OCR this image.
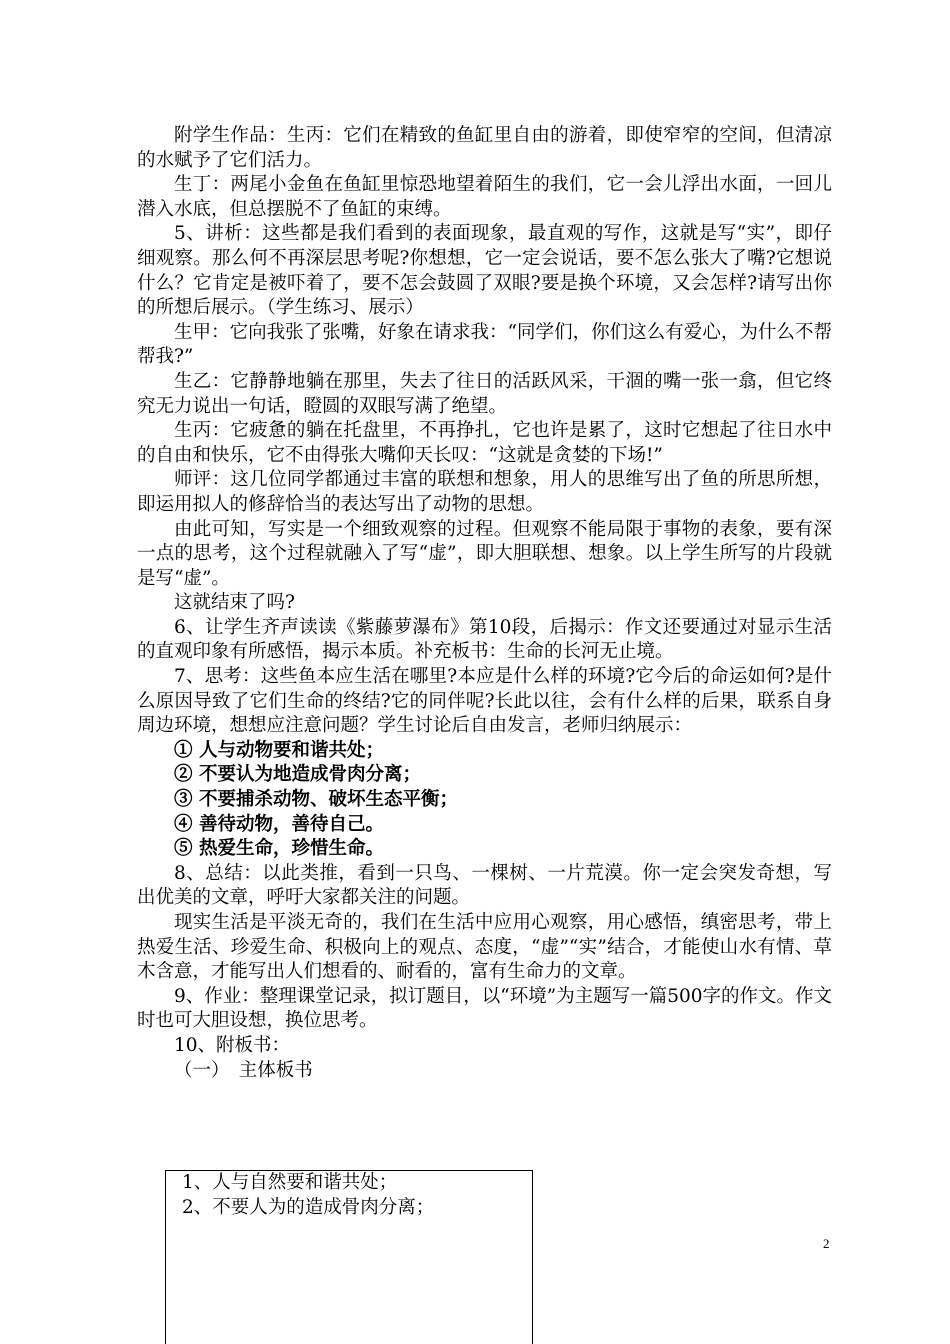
附学生作品：生丙：它们在精致的鱼缸里自由的游着，即使窄窄的空间，但清凉的水赋予了它们活力。

生丁：两尾小金鱼在鱼缸里惊恐地望着陌生的我们，它一会儿浮出水面，一回儿潜入水底，但总摆脱不了鱼缸的束缚。

5、讲析：这些都是我们看到的表面现象，最直观的写作，这就是写“实”，即仔细观察。那么何不再深层思考呢?你想想，它一定会说话，要不怎么张大了嘴?它想说什么？它肯定是被吓着了，要不怎会鼓圆了双眼?要是换个环境，又会怎样?请写出你的所想后展示。（学生练习、展示）

生甲：它向我张了张嘴，好象在请求我：“同学们，你们这么有爱心，为什么不帮帮我?”

生乙：它静静地躺在那里，失去了往日的活跃风采，干涸的嘴一张一翕，但它终究无力说出一句话，瞪圆的双眼写满了绝望。

生丙：它疲惫的躺在托盘里，不再挣扎，它也许是累了，这时它想起了往日水中的自由和快乐，它不由得张大嘴仰天长叹：“这就是贪婪的下场!”

师评：这几位同学都通过丰富的联想和想象，用人的思维写出了鱼的所思所想，即运用拟人的修辞恰当的表达写出了动物的思想。

由此可知，写实是一个细致观察的过程。但观察不能局限于事物的表象，要有深一点的思考，这个过程就融入了写“虚”，即大胆联想、想象。以上学生所写的片段就是写“虚”。

这就结束了吗?

6、让学生齐声读读《紫藤萝瀑布》第10段，后揭示：作文还要通过对显示生活的直观印象有所感悟，揭示本质。补充板书：生命的长河无止境。

7、思考：这些鱼本应生活在哪里?本应是什么样的环境?它今后的命运如何?是什么原因导致了它们生命的终结?它的同伴呢?长此以往，会有什么样的后果，联系自身周边环境，想想应注意问题？学生讨论后自由发言，老师归纳展示：

① 人与动物要和谐共处；

② 不要认为地造成骨肉分离；

③ 不要捕杀动物、破坏生态平衡；

④ 善待动物，善待自己。

⑤ 热爱生命，珍惜生命。

8、总结：以此类推，看到一只鸟、一棵树、一片荒漠。你一定会突发奇想，写出优美的文章，呼吁大家都关注的问题。

现实生活是平淡无奇的，我们在生活中应用心观察，用心感悟，缜密思考，带上热爱生活、珍爱生命、积极向上的观点、态度，“虚”“实”结合，才能使山水有情、草木含意，才能写出人们想看的、耐看的，富有生命力的文章。

9、作业：整理课堂记录，拟订题目，以“环境”为主题写一篇500字的作文。作文时也可大胆设想，换位思考。

10、附板书：

（一）　主体板书

1、人与自然要和谐共处；
2、不要人为的造成骨肉分离；
2
